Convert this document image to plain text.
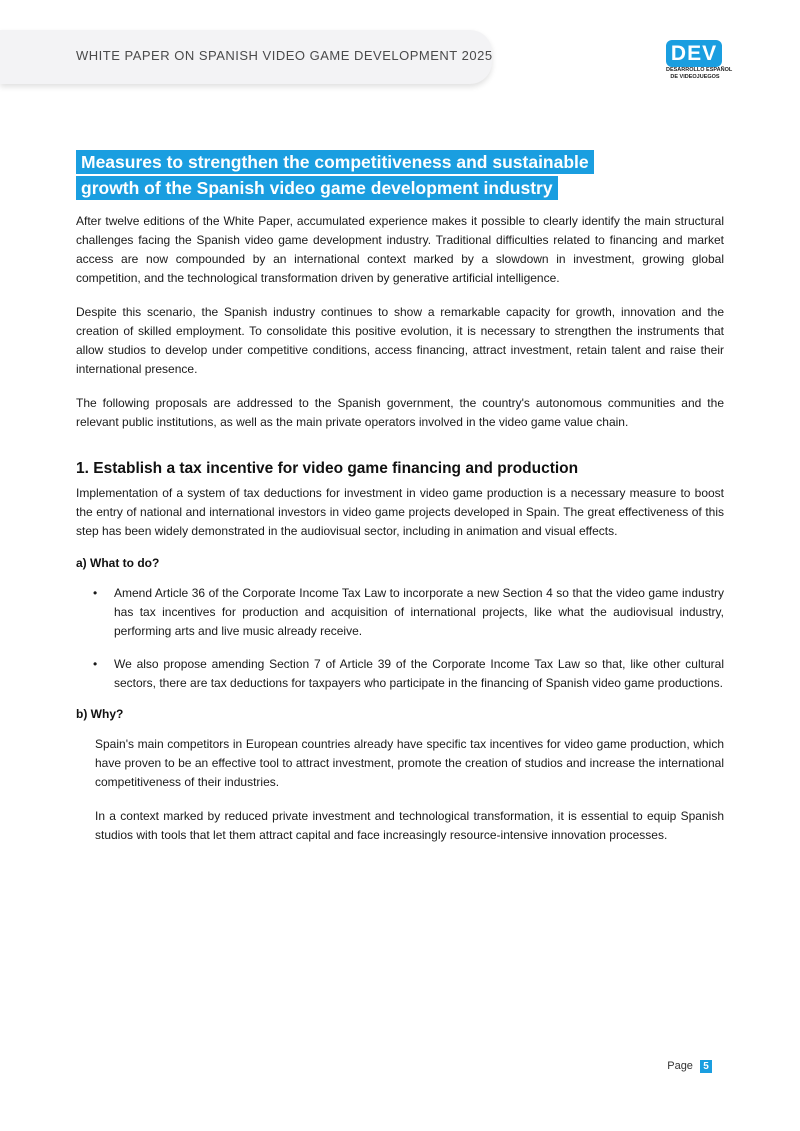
WHITE PAPER ON SPANISH VIDEO GAME DEVELOPMENT 2025	DEV
DESARROLLO ESPAÑOL
DE VIDEOJUEGOS
Measures to strengthen the competitiveness and sustainable
growth of the Spanish video game development industry

After twelve editions of the White Paper, accumulated experience makes it possible to clearly identify the main structural challenges facing the Spanish video game development industry. Traditional difficulties related to financing and market access are now compounded by an international context marked by a slowdown in investment, growing global competition, and the technological transformation driven by generative artificial intelligence.

Despite this scenario, the Spanish industry continues to show a remarkable capacity for growth, innovation and the creation of skilled employment. To consolidate this positive evolution, it is necessary to strengthen the instruments that allow studios to develop under competitive conditions, access financing, attract investment, retain talent and raise their international presence.

The following proposals are addressed to the Spanish government, the country's autonomous communities and the relevant public institutions, as well as the main private operators involved in the video game value chain.

1. Establish a tax incentive for video game financing and production

Implementation of a system of tax deductions for investment in video game production is a necessary measure to boost the entry of national and international investors in video game projects developed in Spain. The great effectiveness of this step has been widely demonstrated in the audiovisual sector, including in animation and visual effects.

a) What to do?
• Amend Article 36 of the Corporate Income Tax Law to incorporate a new Section 4 so that the video game industry has tax incentives for production and acquisition of international projects, like what the audiovisual industry, performing arts and live music already receive.
• We also propose amending Section 7 of Article 39 of the Corporate Income Tax Law so that, like other cultural sectors, there are tax deductions for taxpayers who participate in the financing of Spanish video game productions.
b) Why?

Spain's main competitors in European countries already have specific tax incentives for video game production, which have proven to be an effective tool to attract investment, promote the creation of studios and increase the international competitiveness of their industries.

In a context marked by reduced private investment and technological transformation, it is essential to equip Spanish studios with tools that let them attract capital and face increasingly resource-intensive innovation processes.

Page 5
